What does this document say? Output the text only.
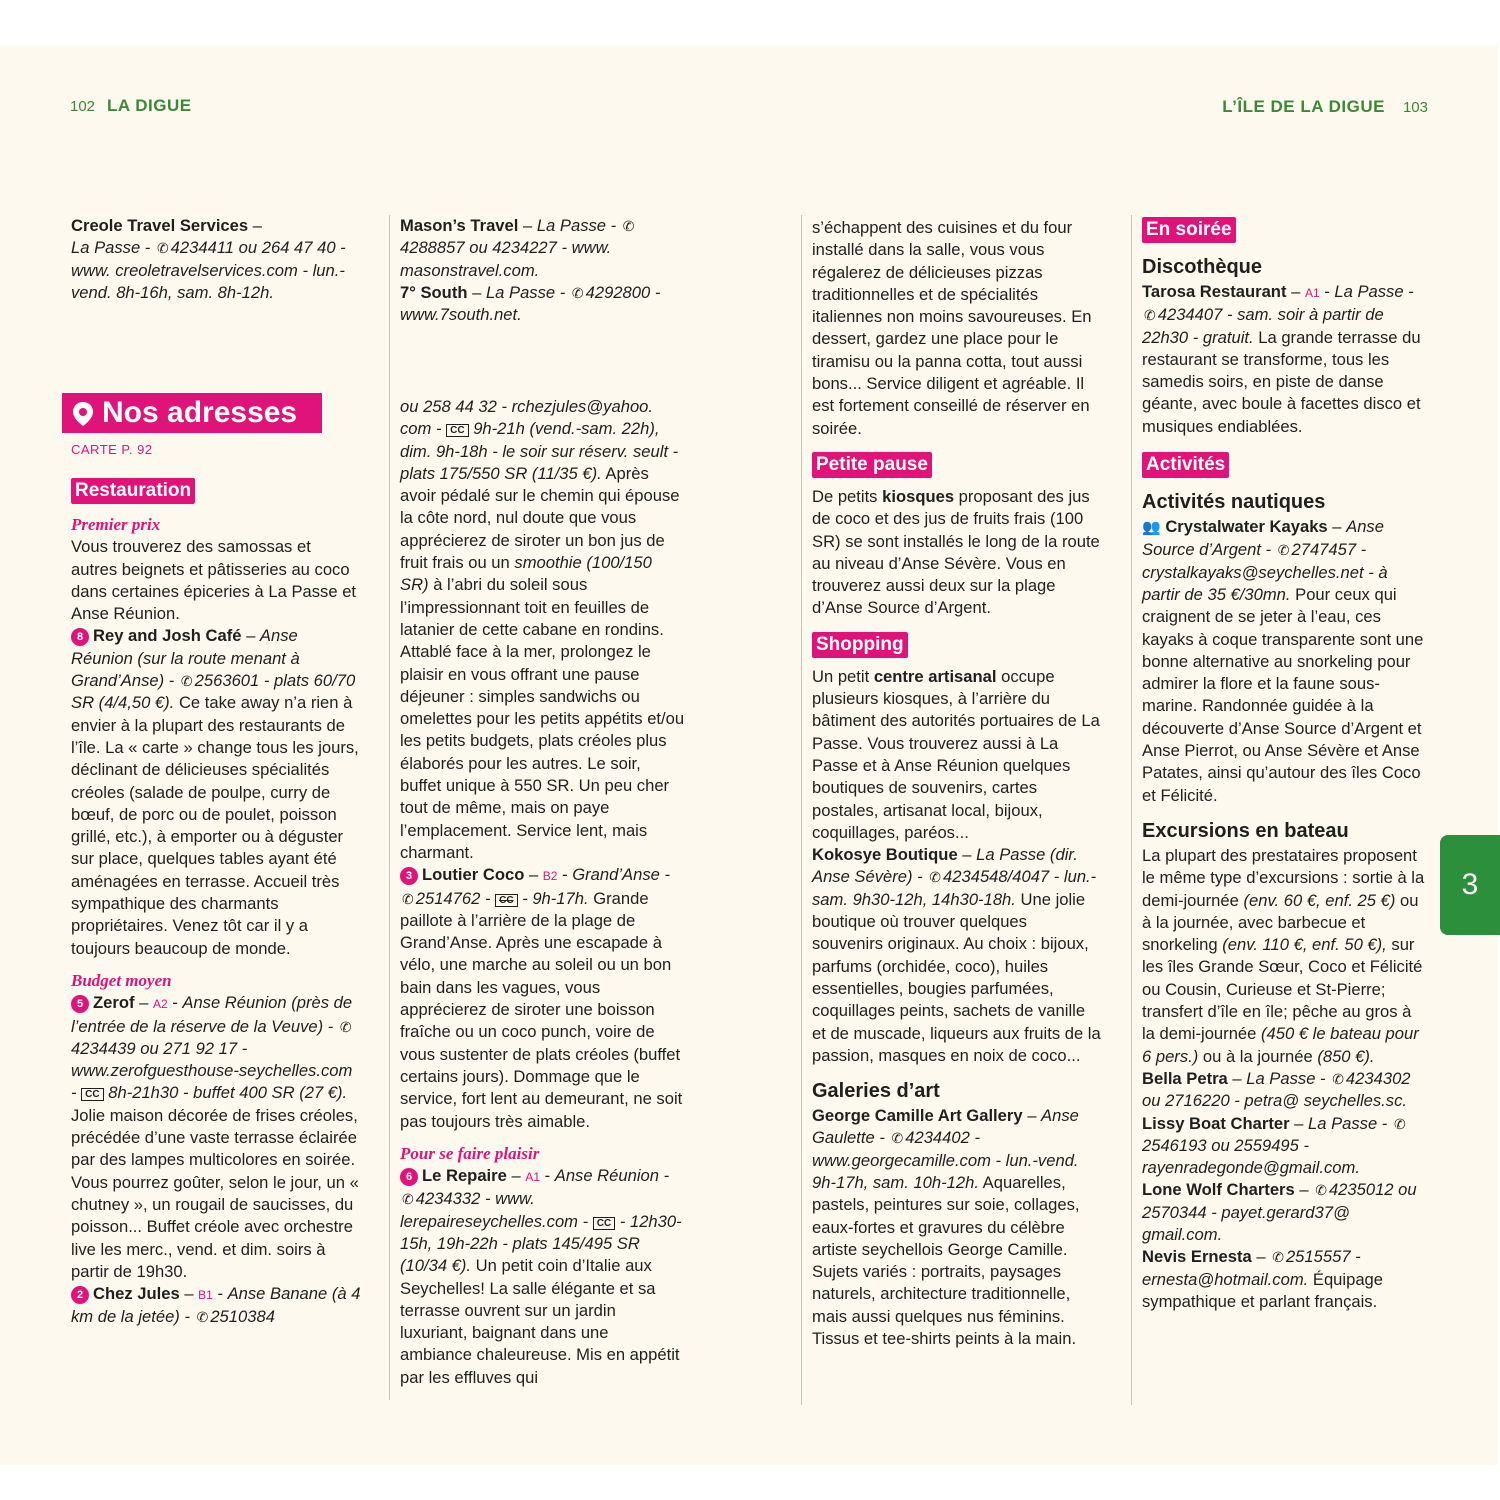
102 LA DIGUE	L’ÎLE DE LA DIGUE 103
3

Creole Travel Services –
La Passe - ✆ 4234411 ou 264 47 40 - www. creoletravelservices.com - lun.-vend. 8h-16h, sam. 8h-12h.

Mason’s Travel – La Passe - ✆4288857 ou 4234227 - www. masonstravel.com.
7° South – La Passe - ✆ 4292800 - www.7south.net.

Nos adresses
CARTE P. 92
Restauration
Premier prix

Vous trouverez des samossas et autres beignets et pâtisseries au coco dans certaines épiceries à La Passe et Anse Réunion.

8 Rey and Josh Café – Anse Réunion (sur la route menant à Grand’Anse) - ✆ 2563601 - plats 60/70 SR (4/4,50 €). Ce take away n’a rien à envier à la plupart des restaurants de l’île. La « carte » change tous les jours, déclinant de délicieuses spécialités créoles (salade de poulpe, curry de bœuf, de porc ou de poulet, poisson grillé, etc.), à emporter ou à déguster sur place, quelques tables ayant été aménagées en terrasse. Accueil très sympathique des charmants propriétaires. Venez tôt car il y a toujours beaucoup de monde.

Budget moyen

5 Zerof – A2 - Anse Réunion (près de l’entrée de la réserve de la Veuve) - ✆4234439 ou 271 92 17 - www.zerofguesthouse-seychelles.com - CC 8h-21h30 - buffet 400 SR (27 €). Jolie maison décorée de frises créoles, précédée d’une vaste terrasse éclairée par des lampes multicolores en soirée. Vous pourrez goûter, selon le jour, un « chutney », un rougail de saucisses, du poisson... Buffet créole avec orchestre live les merc., vend. et dim. soirs à partir de 19h30.

2 Chez Jules – B1 - Anse Banane (à 4 km de la jetée) - ✆ 2510384

ou 258 44 32 - rchezjules@yahoo. com - CC 9h-21h (vend.-sam. 22h), dim. 9h-18h - le soir sur réserv. seult - plats 175/550 SR (11/35 €). Après avoir pédalé sur le chemin qui épouse la côte nord, nul doute que vous apprécierez de siroter un bon jus de fruit frais ou un smoothie (100/150 SR) à l’abri du soleil sous l’impressionnant toit en feuilles de latanier de cette cabane en rondins. Attablé face à la mer, prolongez le plaisir en vous offrant une pause déjeuner : simples sandwichs ou omelettes pour les petits appétits et/ou les petits budgets, plats créoles plus élaborés pour les autres. Le soir, buffet unique à 550 SR. Un peu cher tout de même, mais on paye l’emplacement. Service lent, mais charmant.

3 Loutier Coco – B2 - Grand’Anse - ✆ 2514762 - CC - 9h-17h. Grande paillote à l’arrière de la plage de Grand’Anse. Après une escapade à vélo, une marche au soleil ou un bon bain dans les vagues, vous apprécierez de siroter une boisson fraîche ou un coco punch, voire de vous sustenter de plats créoles (buffet certains jours). Dommage que le service, fort lent au demeurant, ne soit pas toujours très aimable.

Pour se faire plaisir

6 Le Repaire – A1 - Anse Réunion - ✆ 4234332 - www. lerepaireseychelles.com - CC - 12h30-15h, 19h-22h - plats 145/495 SR (10/34 €). Un petit coin d’Italie aux Seychelles! La salle élégante et sa terrasse ouvrent sur un jardin luxuriant, baignant dans une ambiance chaleureuse. Mis en appétit par les effluves qui

s’échappent des cuisines et du four installé dans la salle, vous vous régalerez de délicieuses pizzas traditionnelles et de spécialités italiennes non moins savoureuses. En dessert, gardez une place pour le tiramisu ou la panna cotta, tout aussi bons... Service diligent et agréable. Il est fortement conseillé de réserver en soirée.

Petite pause

De petits kiosques proposant des jus de coco et des jus de fruits frais (100 SR) se sont installés le long de la route au niveau d’Anse Sévère. Vous en trouverez aussi deux sur la plage d’Anse Source d’Argent.

Shopping

Un petit centre artisanal occupe plusieurs kiosques, à l’arrière du bâtiment des autorités portuaires de La Passe. Vous trouverez aussi à La Passe et à Anse Réunion quelques boutiques de souvenirs, cartes postales, artisanat local, bijoux, coquillages, paréos...

Kokosye Boutique – La Passe (dir. Anse Sévère) - ✆ 4234548/4047 - lun.-sam. 9h30-12h, 14h30-18h. Une jolie boutique où trouver quelques souvenirs originaux. Au choix : bijoux, parfums (orchidée, coco), huiles essentielles, bougies parfumées, coquillages peints, sachets de vanille et de muscade, liqueurs aux fruits de la passion, masques en noix de coco...

Galeries d’art

George Camille Art Gallery – Anse Gaulette - ✆ 4234402 - www.georgecamille.com - lun.-vend. 9h-17h, sam. 10h-12h. Aquarelles, pastels, peintures sur soie, collages, eaux-fortes et gravures du célèbre artiste seychellois George Camille. Sujets variés : portraits, paysages naturels, architecture traditionnelle, mais aussi quelques nus féminins. Tissus et tee-shirts peints à la main.

En soirée
Discothèque

Tarosa Restaurant – A1 - La Passe - ✆ 4234407 - sam. soir à partir de 22h30 - gratuit. La grande terrasse du restaurant se transforme, tous les samedis soirs, en piste de danse géante, avec boule à facettes disco et musiques endiablées.

Activités
Activités nautiques

👥 Crystalwater Kayaks – Anse Source d’Argent - ✆ 2747457 - crystalkayaks@seychelles.net - à partir de 35 €/30mn. Pour ceux qui craignent de se jeter à l’eau, ces kayaks à coque transparente sont une bonne alternative au snorkeling pour admirer la flore et la faune sous-marine. Randonnée guidée à la découverte d’Anse Source d’Argent et Anse Pierrot, ou Anse Sévère et Anse Patates, ainsi qu’autour des îles Coco et Félicité.

Excursions en bateau

La plupart des prestataires proposent le même type d’excursions : sortie à la demi-journée (env. 60 €, enf. 25 €) ou à la journée, avec barbecue et snorkeling (env. 110 €, enf. 50 €), sur les îles Grande Sœur, Coco et Félicité ou Cousin, Curieuse et St-Pierre; transfert d’île en île; pêche au gros à la demi-journée (450 € le bateau pour 6 pers.) ou à la journée (850 €).

Bella Petra – La Passe - ✆ 4234302 ou 2716220 - petra@ seychelles.sc.

Lissy Boat Charter – La Passe - ✆2546193 ou 2559495 - rayenradegonde@gmail.com.

Lone Wolf Charters – ✆ 4235012 ou 2570344 - payet.gerard37@ gmail.com.

Nevis Ernesta – ✆ 2515557 - ernesta@hotmail.com. Équipage sympathique et parlant français.
